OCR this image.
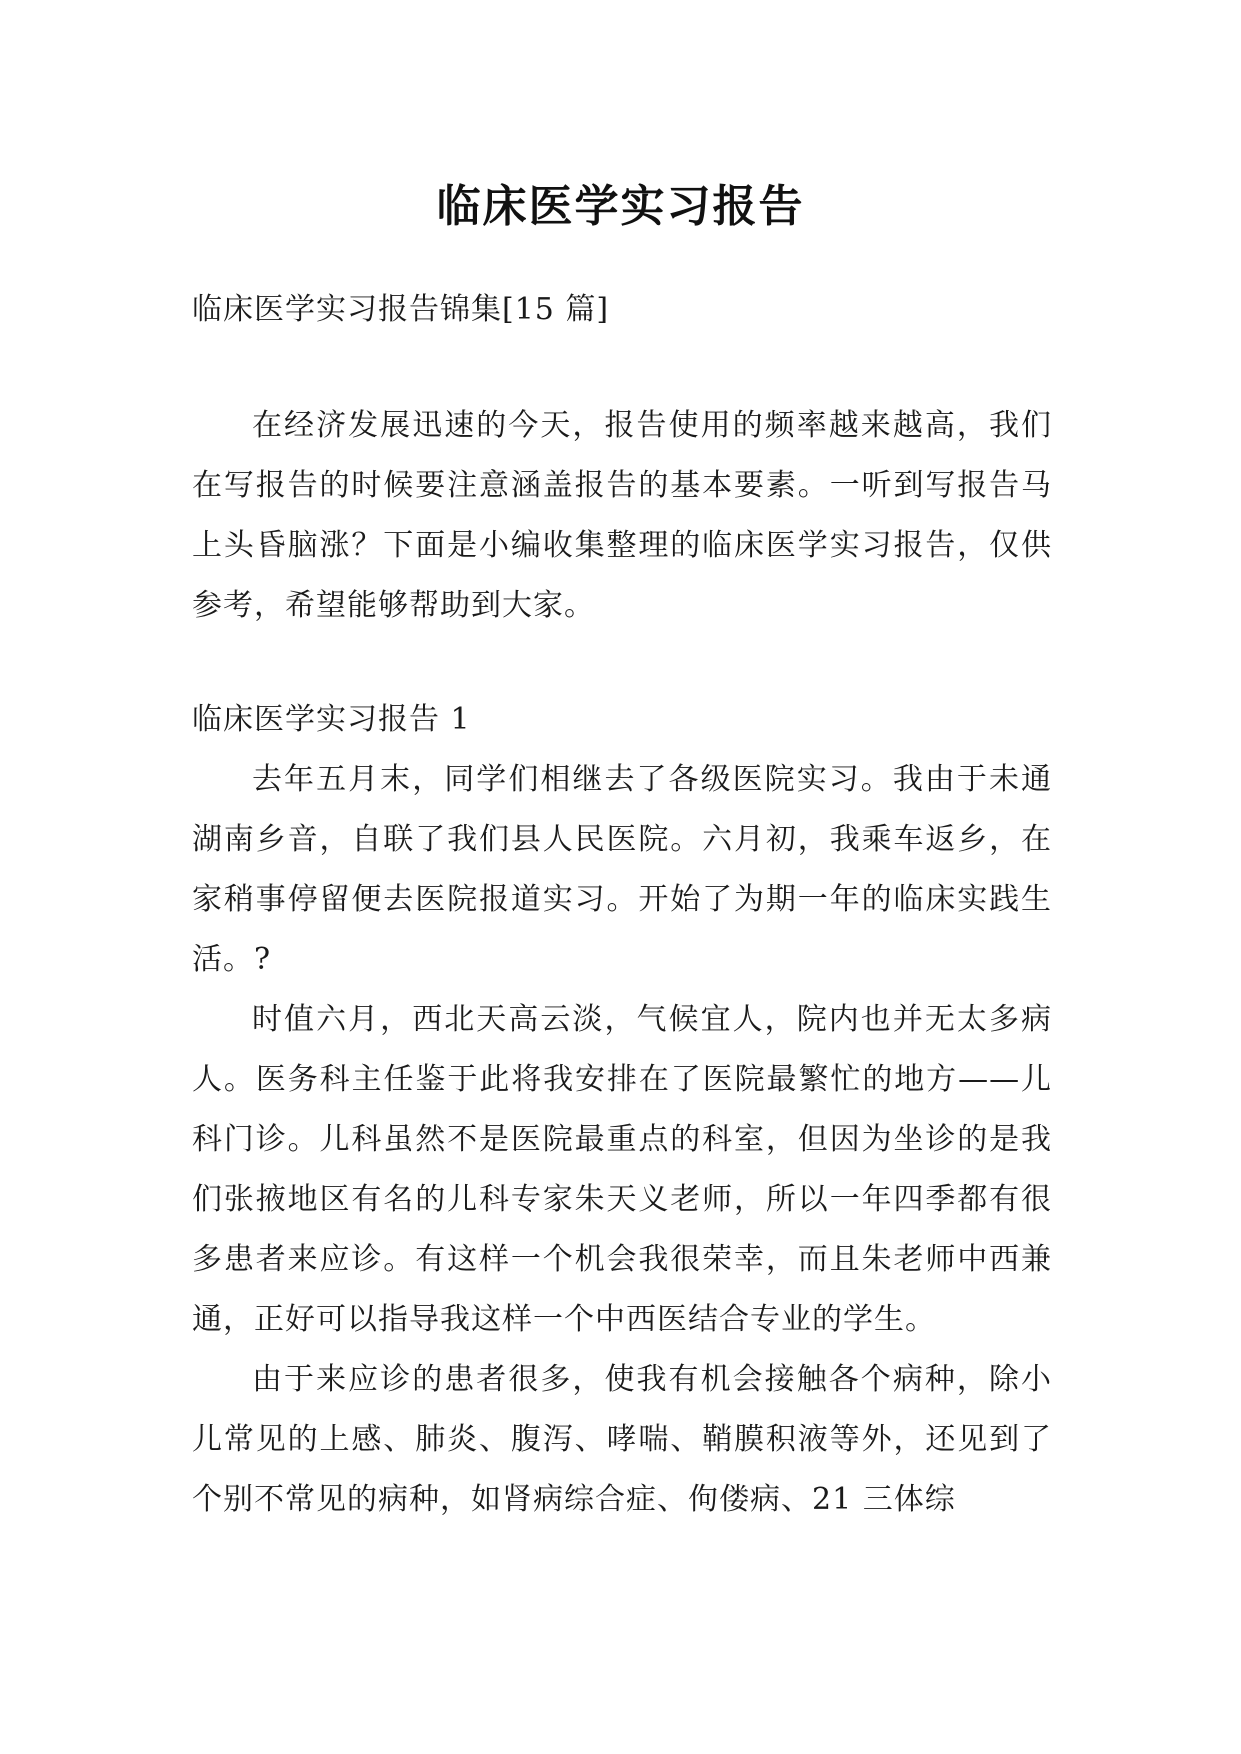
临床医学实习报告

临床医学实习报告锦集[15 篇]

在经济发展迅速的今天，报告使用的频率越来越高，我们在写报告的时候要注意涵盖报告的基本要素。一听到写报告马上头昏脑涨？下面是小编收集整理的临床医学实习报告，仅供参考，希望能够帮助到大家。

临床医学实习报告 1

去年五月末，同学们相继去了各级医院实习。我由于未通湖南乡音，自联了我们县人民医院。六月初，我乘车返乡，在家稍事停留便去医院报道实习。开始了为期一年的临床实践生活。?

时值六月，西北天高云淡，气候宜人，院内也并无太多病人。医务科主任鉴于此将我安排在了医院最繁忙的地方——儿科门诊。儿科虽然不是医院最重点的科室，但因为坐诊的是我们张掖地区有名的儿科专家朱天义老师，所以一年四季都有很多患者来应诊。有这样一个机会我很荣幸，而且朱老师中西兼通，正好可以指导我这样一个中西医结合专业的学生。

由于来应诊的患者很多，使我有机会接触各个病种，除小儿常见的上感、肺炎、腹泻、哮喘、鞘膜积液等外，还见到了个别不常见的病种，如肾病综合症、佝偻病、21 三体综
